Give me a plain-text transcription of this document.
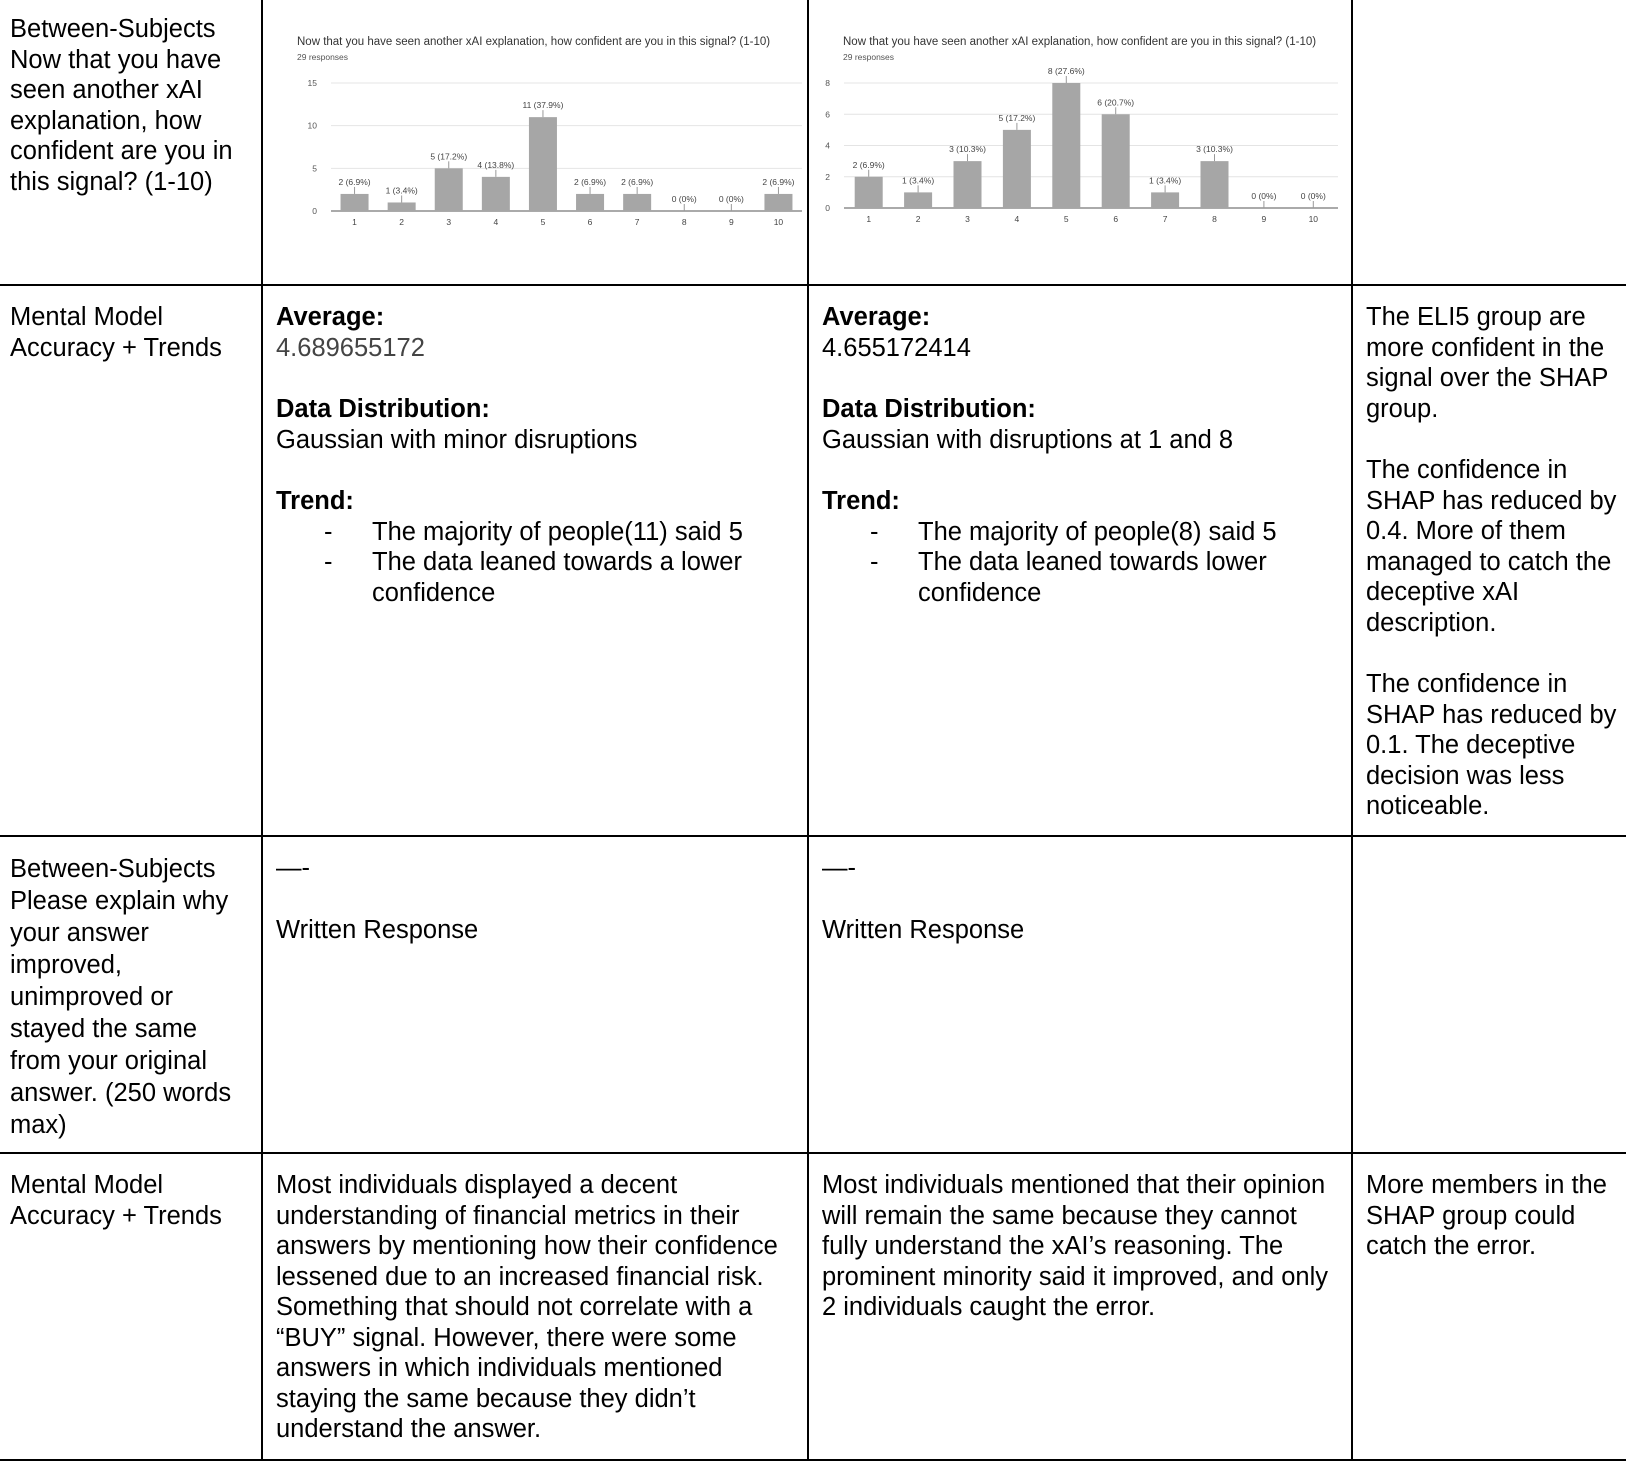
Between-Subjects Now that you have seen another xAI explanation, how confident are you in this signal? (1-10)

Now that you have seen another xAI explanation, how confident are you in this signal? (1-10)
29 responses
0
5
10
15
2 (6.9%)
1
1 (3.4%)
2
5 (17.2%)
3
4 (13.8%)
4
11 (37.9%)
5
2 (6.9%)
6
2 (6.9%)
7
0 (0%)
8
0 (0%)
9
2 (6.9%)
10
Now that you have seen another xAI explanation, how confident are you in this signal? (1-10)
29 responses
0
2
4
6
8
2 (6.9%)
1
1 (3.4%)
2
3 (10.3%)
3
5 (17.2%)
4
8 (27.6%)
5
6 (20.7%)
6
1 (3.4%)
7
3 (10.3%)
8
0 (0%)
9
0 (0%)
10

Mental Model Accuracy + Trends

Average:

4.689655172

Data Distribution:

Gaussian with minor disruptions

Trend:

- The majority of people(11) said 5
- The data leaned towards a lower confidence

Average:

4.655172414

Data Distribution:

Gaussian with disruptions at 1 and 8

Trend:

- The majority of people(8) said 5
- The data leaned towards lower confidence

The ELI5 group are more confident in the signal over the SHAP group.

The confidence in SHAP has reduced by 0.4. More of them managed to catch the deceptive xAI description.

The confidence in SHAP has reduced by 0.1. The deceptive decision was less noticeable.

Between-Subjects Please explain why your answer improved, unimproved or stayed the same from your original answer. (250 words max)

—-

Written Response

—-

Written Response

Mental Model Accuracy + Trends

Most individuals displayed a decent understanding of financial metrics in their answers by mentioning how their confidence lessened due to an increased financial risk. Something that should not correlate with a “BUY” signal. However, there were some answers in which individuals mentioned staying the same because they didn’t understand the answer.

Most individuals mentioned that their opinion will remain the same because they cannot fully understand the xAI’s reasoning. The prominent minority said it improved, and only 2 individuals caught the error.

More members in the SHAP group could catch the error.
